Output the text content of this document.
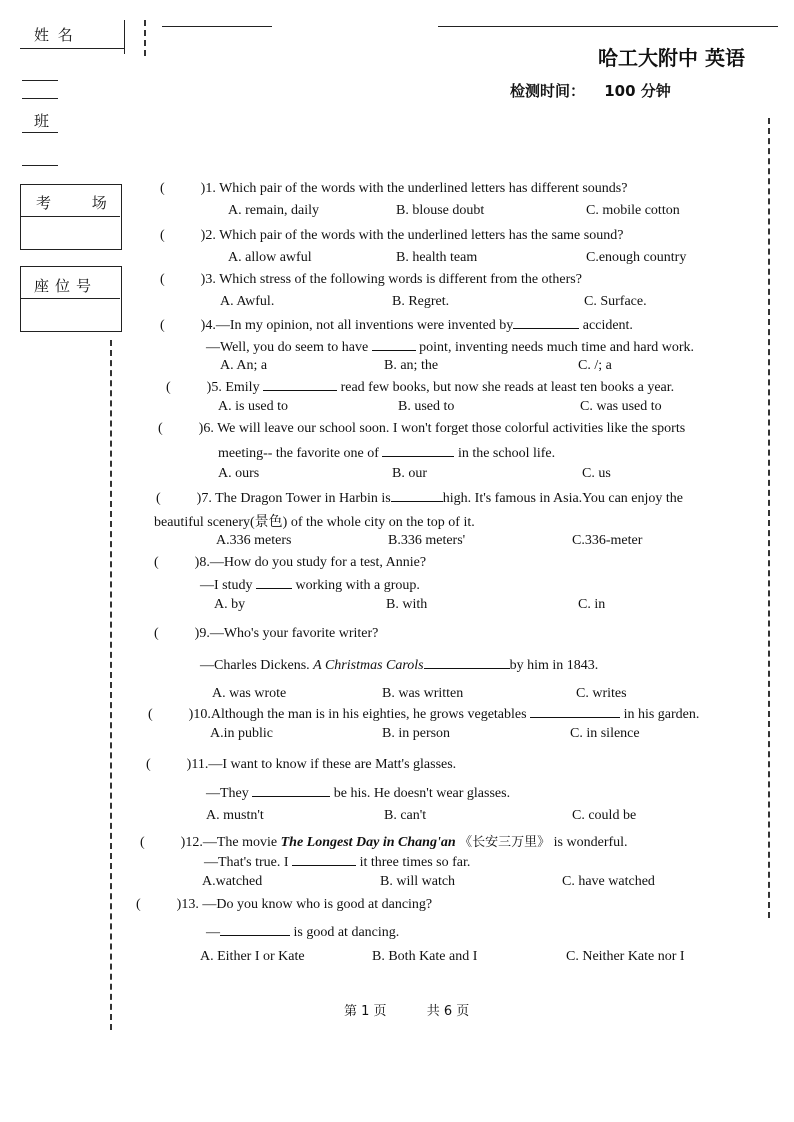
姓 名
班
考 场
座位号
哈工大附中 英语
检测时间： 100 分钟
(	)1. Which pair of the words with the underlined letters has different sounds?
A. remain, daily	B. blouse doubt	C. mobile cotton
(	)2. Which pair of the words with the underlined letters has the same sound?
A. allow awful	B. health team	C.enough country
(	)3. Which stress of the following words is different from the others?
A. Awful.	B. Regret.	C. Surface.
(	)4.—In my opinion, not all inventions were invented by	accident.
—Well, you do seem to have	point, inventing needs much time and hard work.
A. An; a	B. an; the	C. /; a
(	)5. Emily	read few books, but now she reads at least ten books a year.
A. is used to	B. used to	C. was used to
(	)6. We will leave our school soon. I won't forget those colorful activities like the sports
meeting-- the favorite one of	in the school life.
A. ours	B. our	C. us
(	)7. The Dragon Tower in Harbin is	high. It's famous in Asia.You can enjoy the
beautiful scenery(景色) of the whole city on the top of it.
A.336 meters	B.336 meters'	C.336-meter
(	)8.—How do you study for a test, Annie?
—I study	working with a group.
A. by	B. with	C. in
(	)9.—Who's your favorite writer?
—Charles Dickens. A Christmas Carols	by him in 1843.
A. was wrote	B. was written	C. writes
(	)10.Although the man is in his eighties, he grows vegetables	in his garden.
A.in public	B. in person	C. in silence
(	)11.—I want to know if these are Matt's glasses.
—They	be his. He doesn't wear glasses.
A. mustn't	B. can't	C. could be
(	)12.—The movie The Longest Day in Chang'an 《长安三万里》 is wonderful.
—That's true. I	it three times so far.
A.watched	B. will watch	C. have watched
(	)13. —Do you know who is good at dancing?
—	is good at dancing.
A. Either I or Kate	B. Both Kate and I	C. Neither Kate nor I
第 1 页	共 6 页
